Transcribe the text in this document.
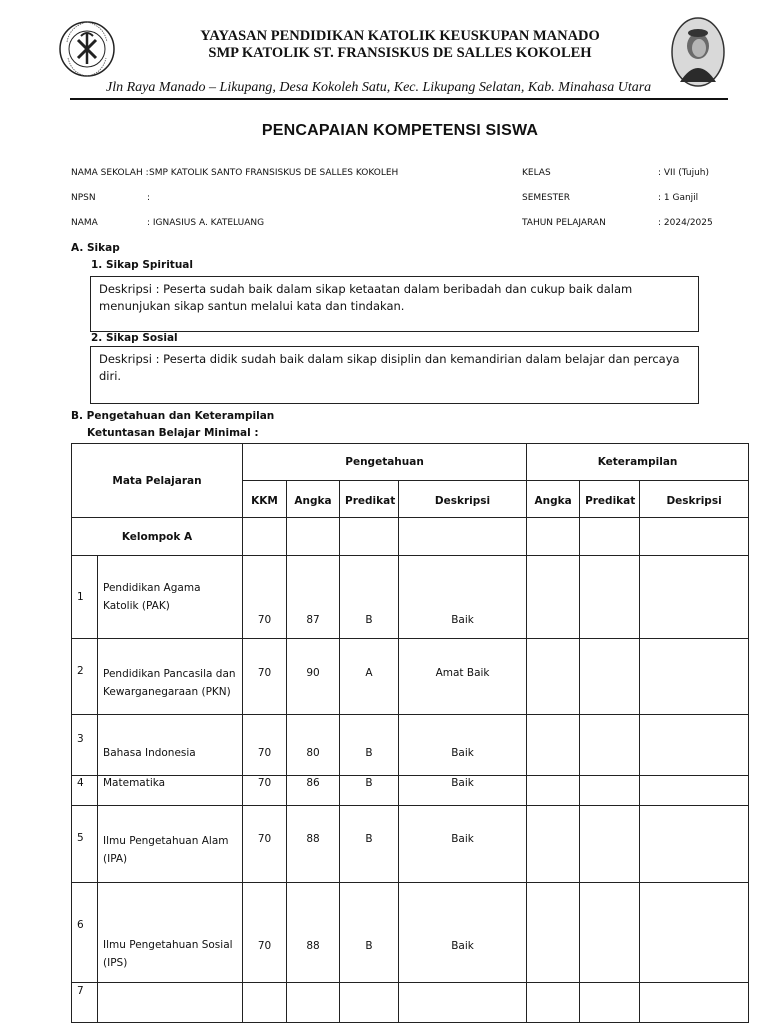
YAYASAN PENDIDIKAN KATOLIK KEUSKUPAN MANADO
SMP KATOLIK ST. FRANSISKUS DE SALLES KOKOLEH
Jln Raya Manado – Likupang, Desa Kokoleh Satu, Kec. Likupang Selatan, Kab. Minahasa Utara
PENCAPAIAN KOMPETENSI SISWA
NAMA SEKOLAH : SMP KATOLIK SANTO FRANSISKUS DE SALLES KOKOLEH
NPSN	:
NAMA	: IGNASIUS A. KATELUANG
KELAS	: VII (Tujuh)
SEMESTER	: 1 Ganjil
TAHUN PELAJARAN	: 2024/2025
A. Sikap
1. Sikap Spiritual
Deskripsi : Peserta sudah baik dalam sikap ketaatan dalam beribadah dan cukup baik dalam menunjukan sikap santun melalui kata dan tindakan.
2. Sikap Sosial
Deskripsi : Peserta didik sudah baik dalam sikap disiplin dan kemandirian dalam belajar dan percaya diri.
B. Pengetahuan dan Keterampilan
Ketuntasan Belajar Minimal :
Mata Pelajaran		Pengetahuan				Keterampilan		
		KKM	Angka	Predikat	Deskripsi	Angka	Predikat	Deskripsi
Kelompok A								
1	Pendidikan Agama Katolik (PAK)	70	87	B	Baik			
2	Pendidikan Pancasila dan Kewarganegaraan (PKN)	70	90	A	Amat Baik			
3	Bahasa Indonesia	70	80	B	Baik			
4	Matematika	70	86	B	Baik			
5	Ilmu Pengetahuan Alam (IPA)	70	88	B	Baik			
6	Ilmu Pengetahuan Sosial (IPS)	70	88	B	Baik			
7								
